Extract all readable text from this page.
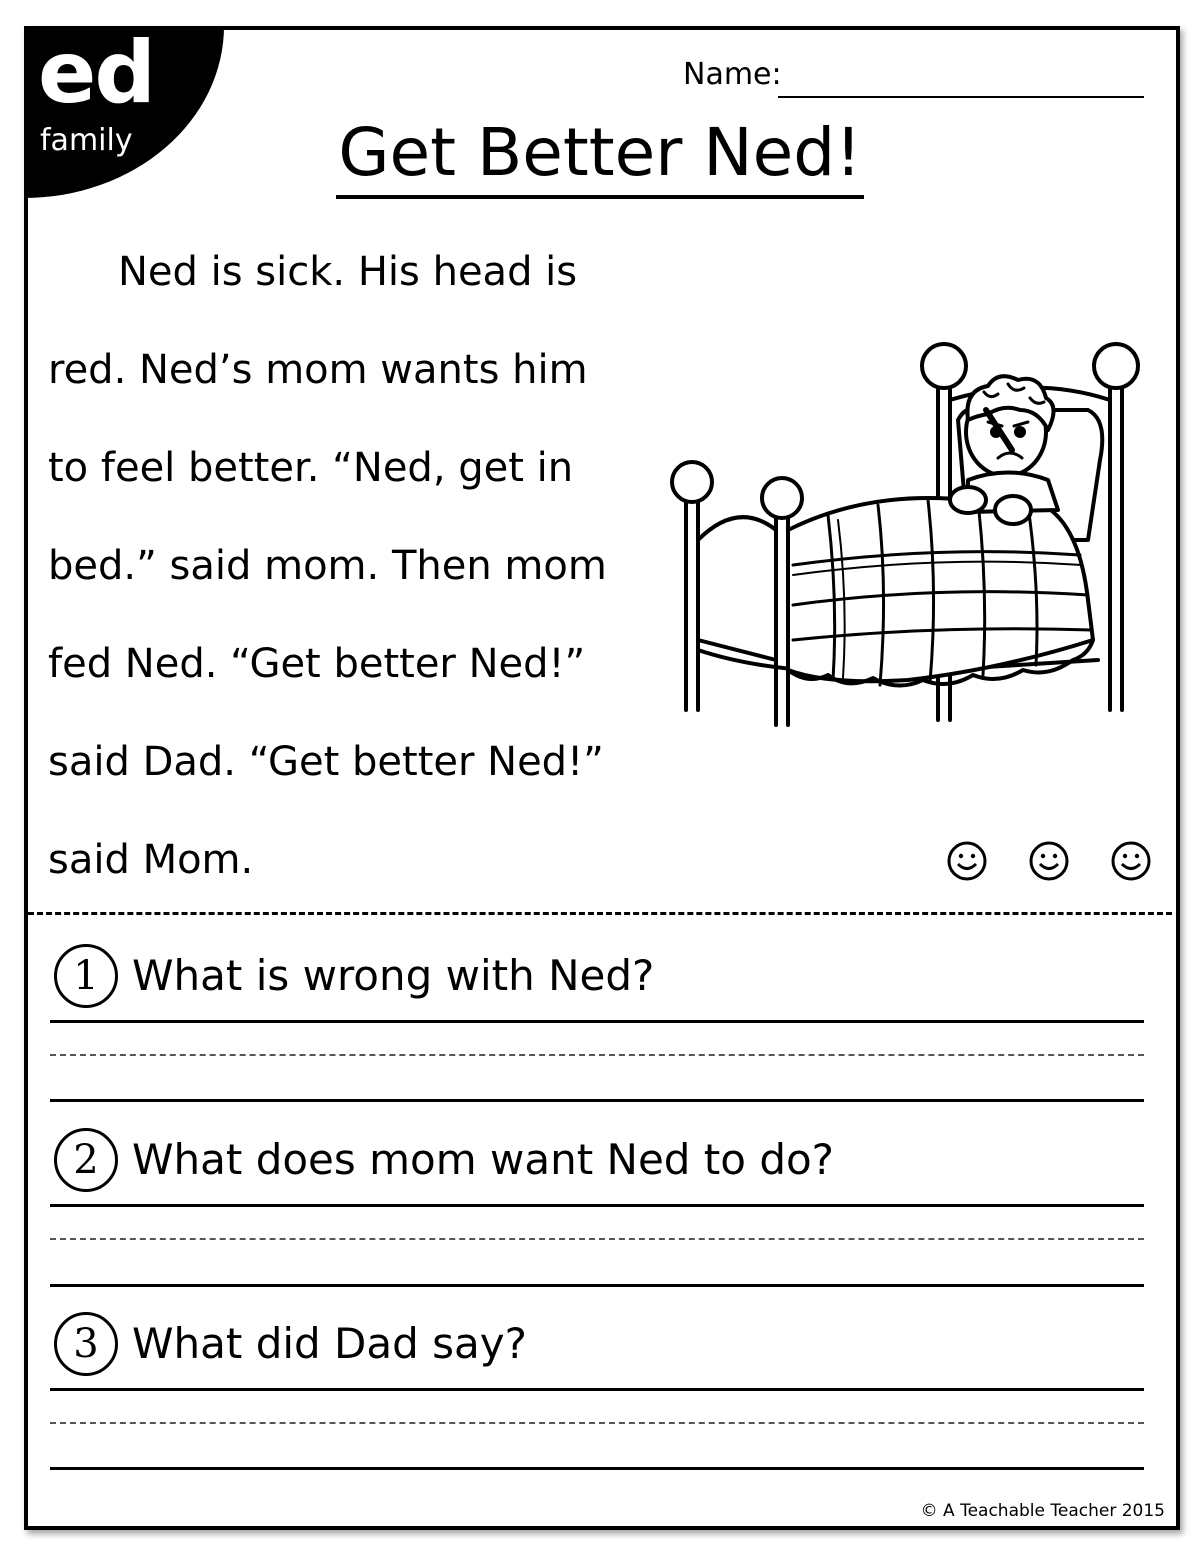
ed
family
Name:
Get Better Ned!
Ned is sick. His head is
red. Ned’s mom wants him
to feel better. “Ned, get in
bed.” said mom. Then mom
fed Ned. “Get better Ned!”
said Dad. “Get better Ned!”
said Mom.
1 What is wrong with Ned?
2 What does mom want Ned to do?
3 What did Dad say?
© A Teachable Teacher 2015
